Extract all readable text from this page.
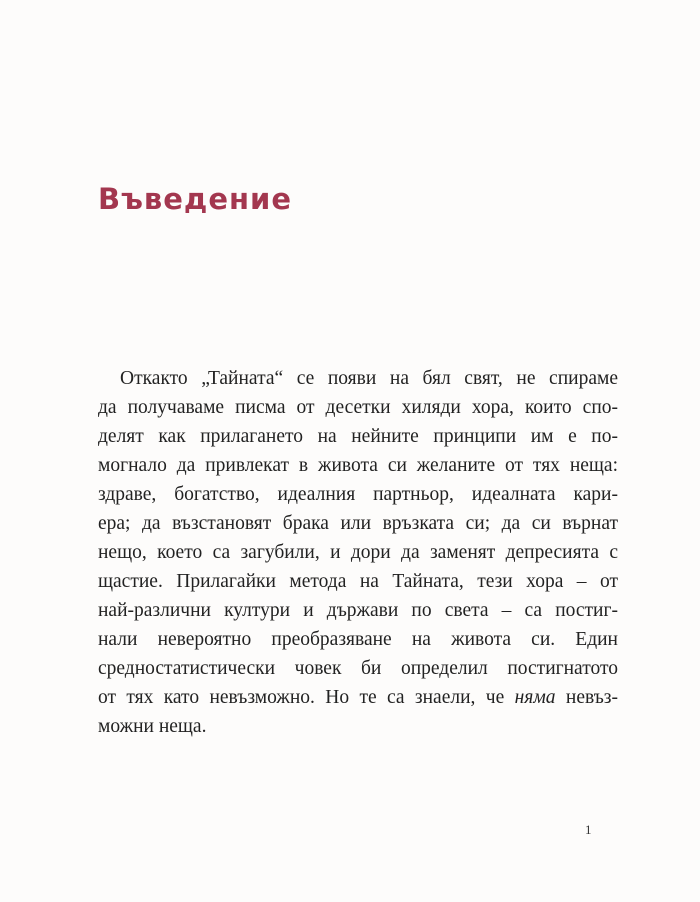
Въведение
Откакто „Тайната“ се появи на бял свят, не спираме
да получаваме писма от десетки хиляди хора, които спо-
делят как прилагането на нейните принципи им е по-
могнало да привлекат в живота си желаните от тях неща:
здраве, богатство, идеалния партньор, идеалната кари-
ера; да възстановят брака или връзката си; да си върнат
нещо, което са загубили, и дори да заменят депресията с
щастие. Прилагайки метода на Тайната, тези хора – от
най-различни култури и държави по света – са постиг-
нали невероятно преобразяване на живота си. Един
средностатистически човек би определил постигнатото
от тях като невъзможно. Но те са знаели, че няма невъз-
можни неща.
1
